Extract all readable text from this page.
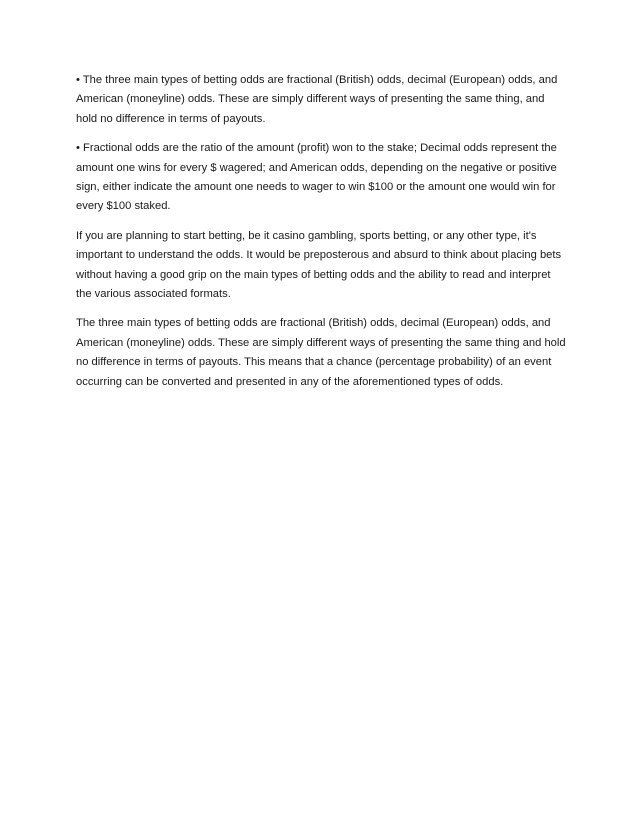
• The three main types of betting odds are fractional (British) odds, decimal (European) odds, and American (moneyline) odds. These are simply different ways of presenting the same thing, and hold no difference in terms of payouts.

• Fractional odds are the ratio of the amount (profit) won to the stake; Decimal odds represent the amount one wins for every $ wagered; and American odds, depending on the negative or positive sign, either indicate the amount one needs to wager to win $100 or the amount one would win for every $100 staked.

If you are planning to start betting, be it casino gambling, sports betting, or any other type, it's important to understand the odds. It would be preposterous and absurd to think about placing bets without having a good grip on the main types of betting odds and the ability to read and interpret the various associated formats.

The three main types of betting odds are fractional (British) odds, decimal (European) odds, and American (moneyline) odds. These are simply different ways of presenting the same thing and hold no difference in terms of payouts. This means that a chance (percentage probability) of an event occurring can be converted and presented in any of the aforementioned types of odds.
